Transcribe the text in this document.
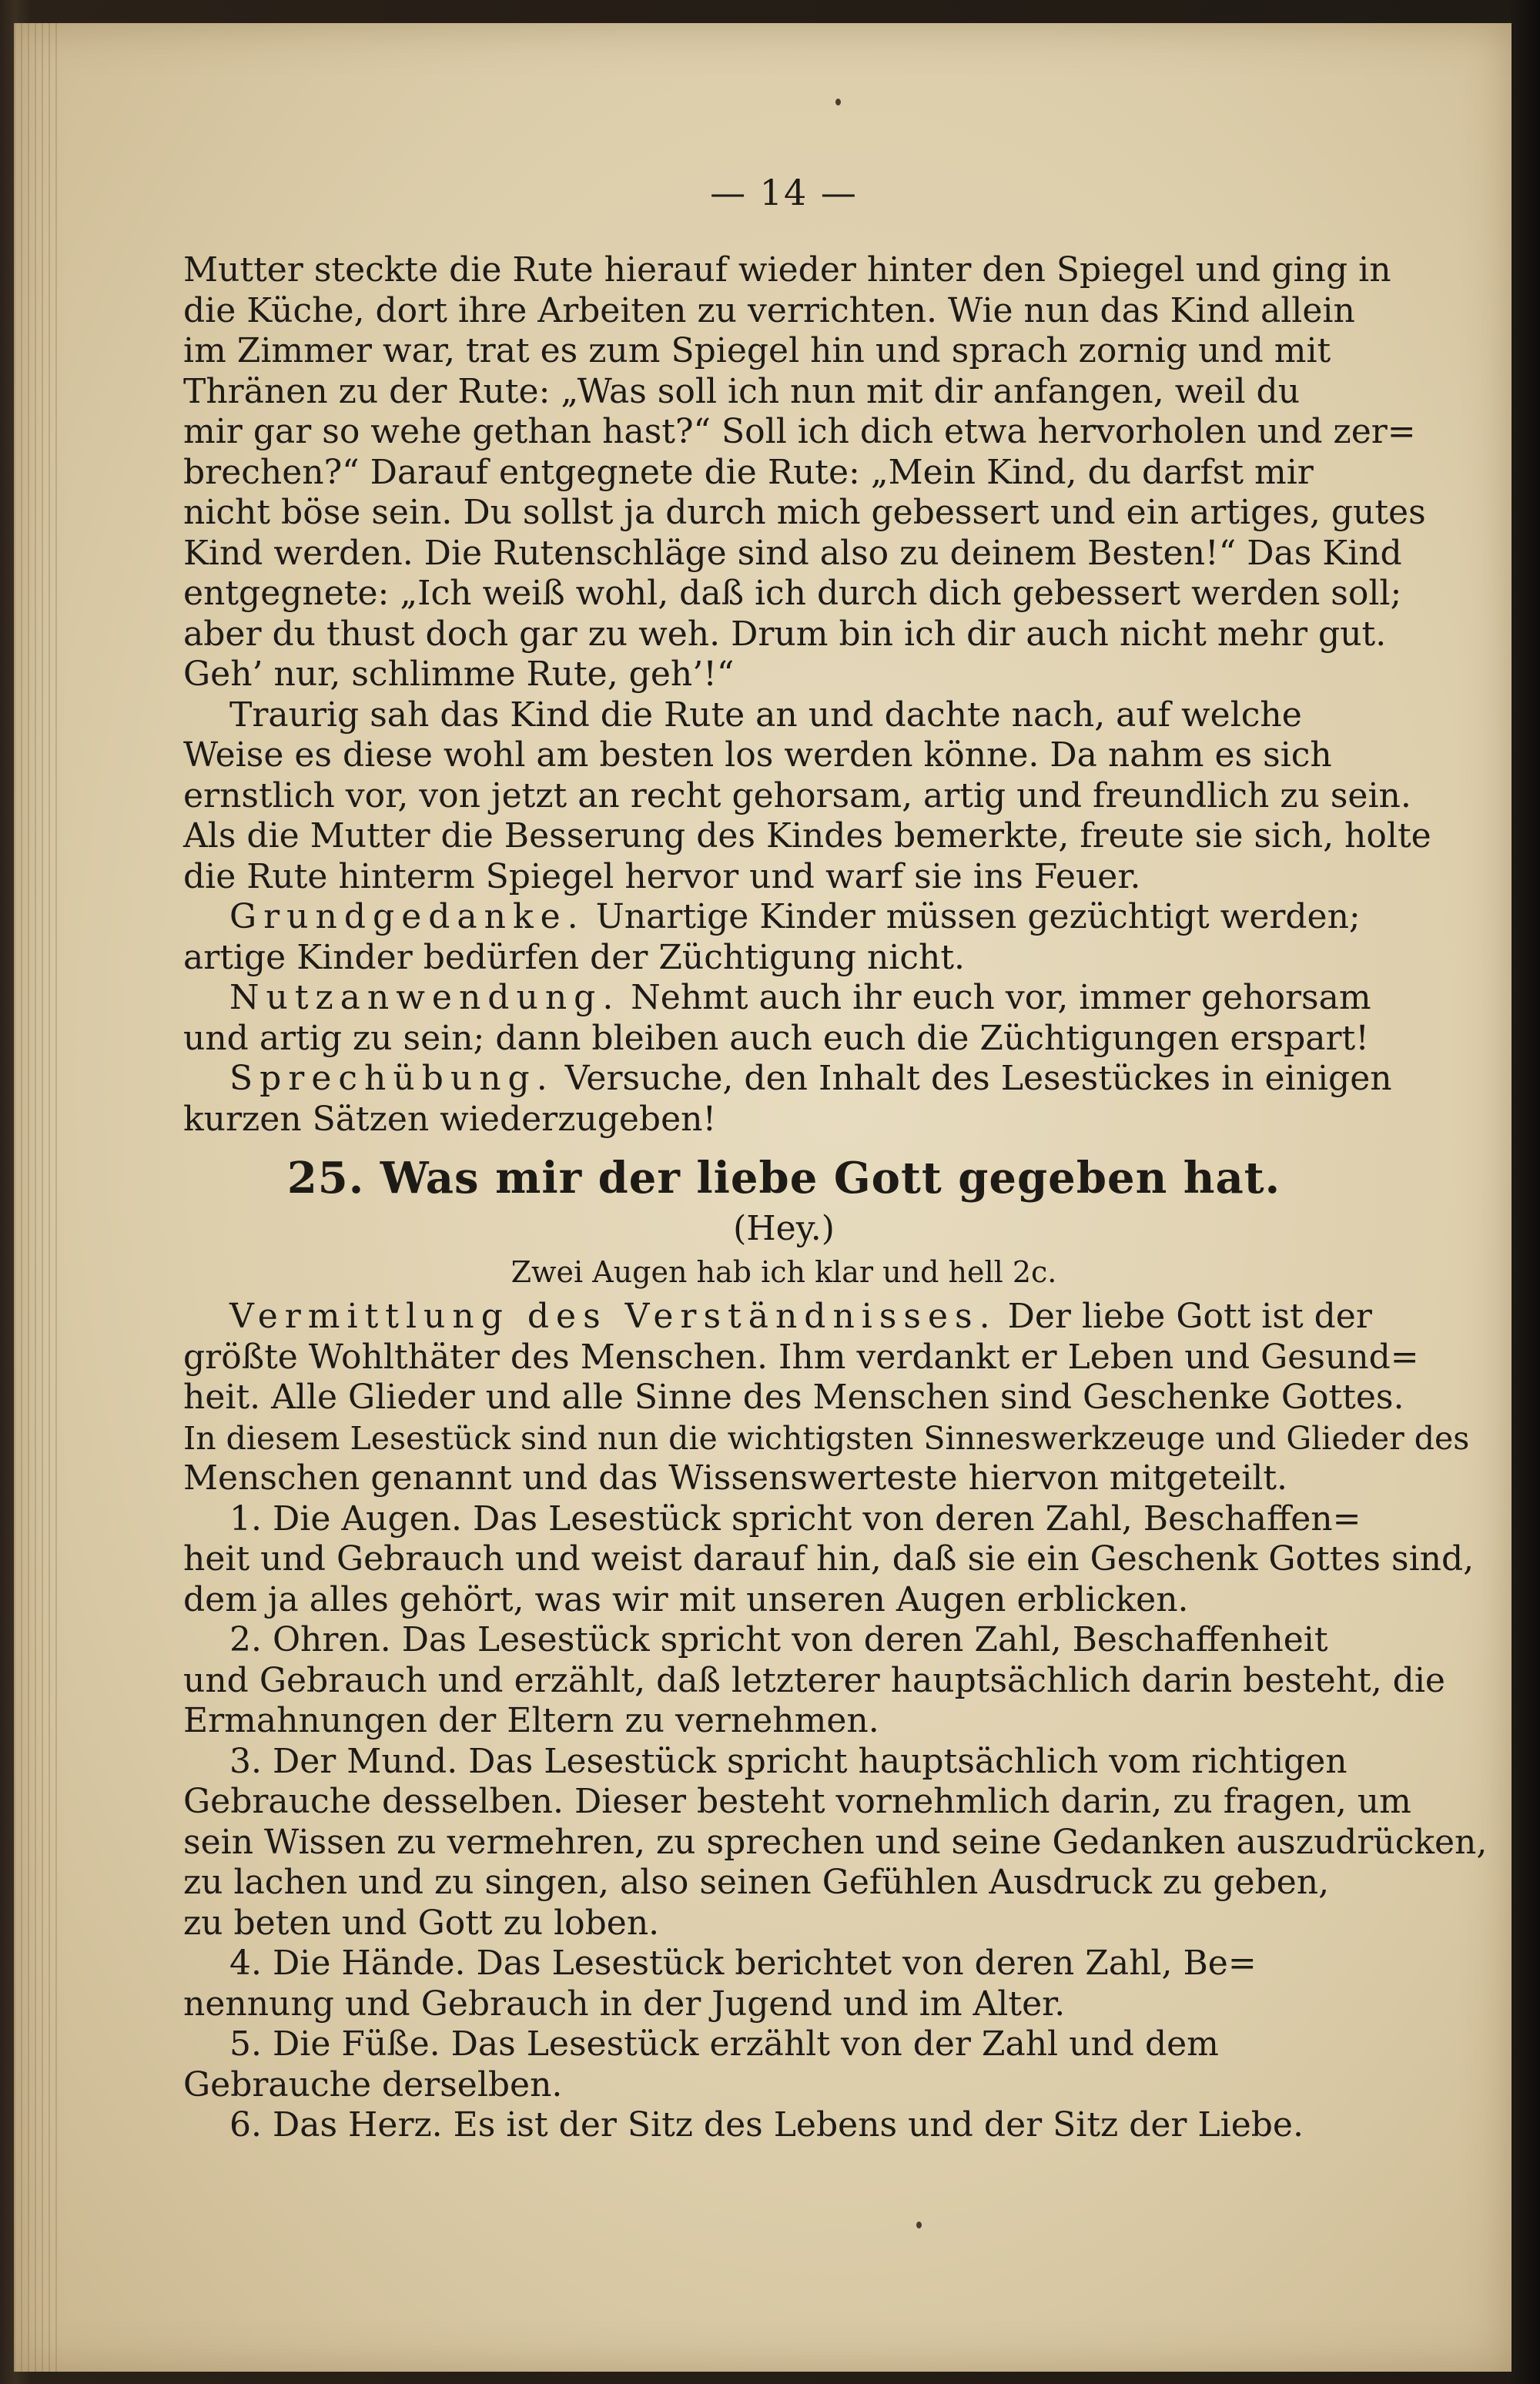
— 14 —
Mutter steckte die Rute hierauf wieder hinter den Spiegel und ging in
die Küche, dort ihre Arbeiten zu verrichten. Wie nun das Kind allein
im Zimmer war, trat es zum Spiegel hin und sprach zornig und mit
Thränen zu der Rute: „Was soll ich nun mit dir anfangen, weil du
mir gar so wehe gethan hast?“ Soll ich dich etwa hervorholen und zer=
brechen?“ Darauf entgegnete die Rute: „Mein Kind, du darfst mir
nicht böse sein. Du sollst ja durch mich gebessert und ein artiges, gutes
Kind werden. Die Rutenschläge sind also zu deinem Besten!“ Das Kind
entgegnete: „Ich weiß wohl, daß ich durch dich gebessert werden soll;
aber du thust doch gar zu weh. Drum bin ich dir auch nicht mehr gut.
Geh’ nur, schlimme Rute, geh’!“
Traurig sah das Kind die Rute an und dachte nach, auf welche
Weise es diese wohl am besten los werden könne. Da nahm es sich
ernstlich vor, von jetzt an recht gehorsam, artig und freundlich zu sein.
Als die Mutter die Besserung des Kindes bemerkte, freute sie sich, holte
die Rute hinterm Spiegel hervor und warf sie ins Feuer.
Grundgedanke. Unartige Kinder müssen gezüchtigt werden;
artige Kinder bedürfen der Züchtigung nicht.
Nutzanwendung. Nehmt auch ihr euch vor, immer gehorsam
und artig zu sein; dann bleiben auch euch die Züchtigungen erspart!
Sprechübung. Versuche, den Inhalt des Lesestückes in einigen
kurzen Sätzen wiederzugeben!
25. Was mir der liebe Gott gegeben hat.
(Hey.)
Zwei Augen hab ich klar und hell 2c.
Vermittlung des Verständnisses. Der liebe Gott ist der
größte Wohlthäter des Menschen. Ihm verdankt er Leben und Gesund=
heit. Alle Glieder und alle Sinne des Menschen sind Geschenke Gottes.
In diesem Lesestück sind nun die wichtigsten Sinneswerkzeuge und Glieder des
Menschen genannt und das Wissenswerteste hiervon mitgeteilt.
1. Die Augen. Das Lesestück spricht von deren Zahl, Beschaffen=
heit und Gebrauch und weist darauf hin, daß sie ein Geschenk Gottes sind,
dem ja alles gehört, was wir mit unseren Augen erblicken.
2. Ohren. Das Lesestück spricht von deren Zahl, Beschaffenheit
und Gebrauch und erzählt, daß letzterer hauptsächlich darin besteht, die
Ermahnungen der Eltern zu vernehmen.
3. Der Mund. Das Lesestück spricht hauptsächlich vom richtigen
Gebrauche desselben. Dieser besteht vornehmlich darin, zu fragen, um
sein Wissen zu vermehren, zu sprechen und seine Gedanken auszudrücken,
zu lachen und zu singen, also seinen Gefühlen Ausdruck zu geben,
zu beten und Gott zu loben.
4. Die Hände. Das Lesestück berichtet von deren Zahl, Be=
nennung und Gebrauch in der Jugend und im Alter.
5. Die Füße. Das Lesestück erzählt von der Zahl und dem
Gebrauche derselben.
6. Das Herz. Es ist der Sitz des Lebens und der Sitz der Liebe.
